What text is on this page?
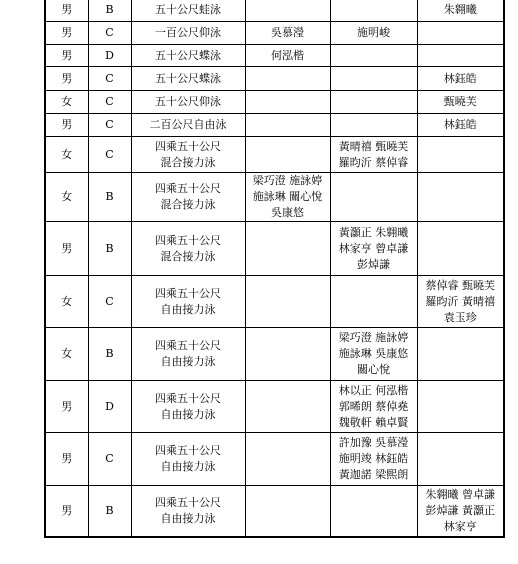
男	B	五十公尺蛙泳			朱翱曦

男	C	一百公尺仰泳	吳慕瀅	施明峻	

男	D	五十公尺蝶泳	何泓楷		

男	C	五十公尺蝶泳			林鈺皓

女	C	五十公尺仰泳			甄曉芙

男	C	二百公尺自由泳			林鈺皓

女	C	四乘五十公尺
混合接力泳		黃晴禧 甄曉芙
羅昀沂 蔡倬睿	

女	B	四乘五十公尺
混合接力泳	梁巧澄 施詠婷
施詠琳 關心悅
吳康悠		

男	B	四乘五十公尺
混合接力泳		黃灝正 朱翱曦
林家亨 曾卓謙
彭焯謙	

女	C	四乘五十公尺
自由接力泳			蔡倬睿 甄曉芙
羅昀沂 黃晴禧
袁玉珍

女	B	四乘五十公尺
自由接力泳		梁巧澄 施詠婷
施詠琳 吳康悠
關心悅	

男	D	四乘五十公尺
自由接力泳		林以正 何泓楷
郭晞朗 蔡倬堯
魏敬軒 賴卓賢	

男	C	四乘五十公尺
自由接力泳		許加豫 吳慕瀅
施明竣 林鈺皓
黃迦諾 梁熙朗	

男	B	四乘五十公尺
自由接力泳			朱翱曦 曾卓謙
彭焯謙 黃灝正
林家亨
